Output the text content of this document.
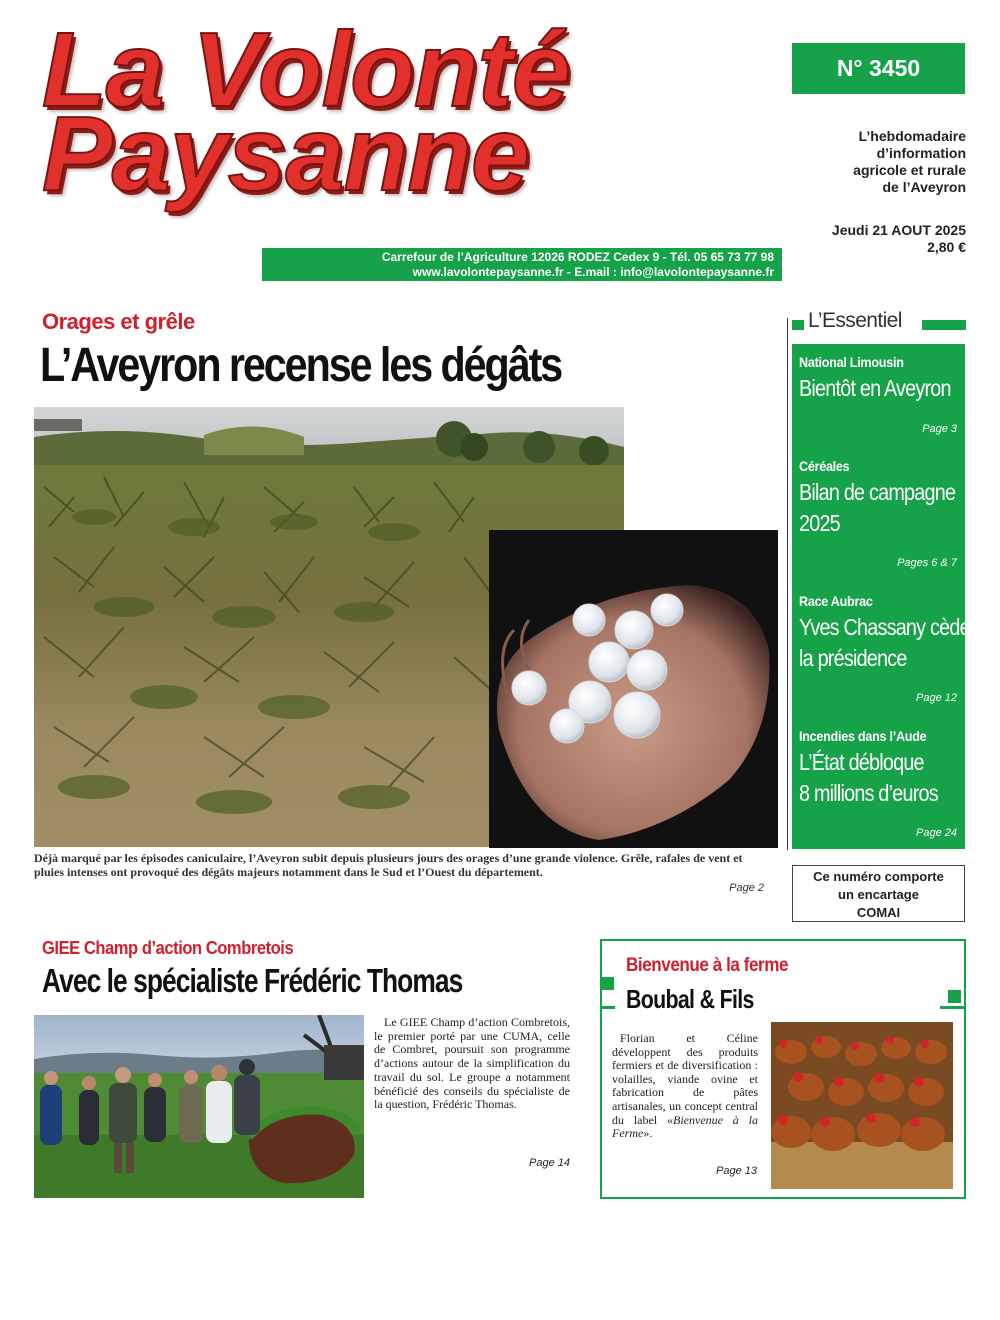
La Volonté
Paysanne
Carrefour de l’Agriculture 12026 RODEZ Cedex 9 - Tél. 05 65 73 77 98
www.lavolontepaysanne.fr - E.mail : info@lavolontepaysanne.fr
N° 3450
L’hebdomadaire
d’information
agricole et rurale
de l’Aveyron
Jeudi 21 AOUT 2025
2,80 €
Orages et grêle
L’Aveyron recense les dégâts
Déjà marqué par les épisodes caniculaire, l’Aveyron subit depuis plusieurs jours des orages d’une grande violence. Grêle, rafales de vent et pluies intenses ont provoqué des dégâts majeurs notamment dans le Sud et l’Ouest du département.
Page 2
L’Essentiel
National Limousin
Bientôt en Aveyron
Page 3
Céréales
Bilan de campagne
2025
Pages 6 & 7
Race Aubrac
Yves Chassany cède
la présidence
Page 12
Incendies dans l’Aude
L’État débloque
8 millions d’euros
Page 24
Ce numéro comporte
un encartage
COMAI
GIEE Champ d’action Combretois
Avec le spécialiste Frédéric Thomas
Le GIEE Champ d’action Combretois, le premier porté par une CUMA, celle de Combret, poursuit son programme d’actions autour de la simplification du travail du sol. Le groupe a notamment bénéficié des conseils du spécialiste de la question, Frédéric Thomas.
Page 14
Bienvenue à la ferme
Boubal & Fils
Florian et Céline développent des produits fermiers et de diversification : volailles, viande ovine et fabrication de pâtes artisanales, un concept central du label «Bienvenue à la Ferme».
Page 13
